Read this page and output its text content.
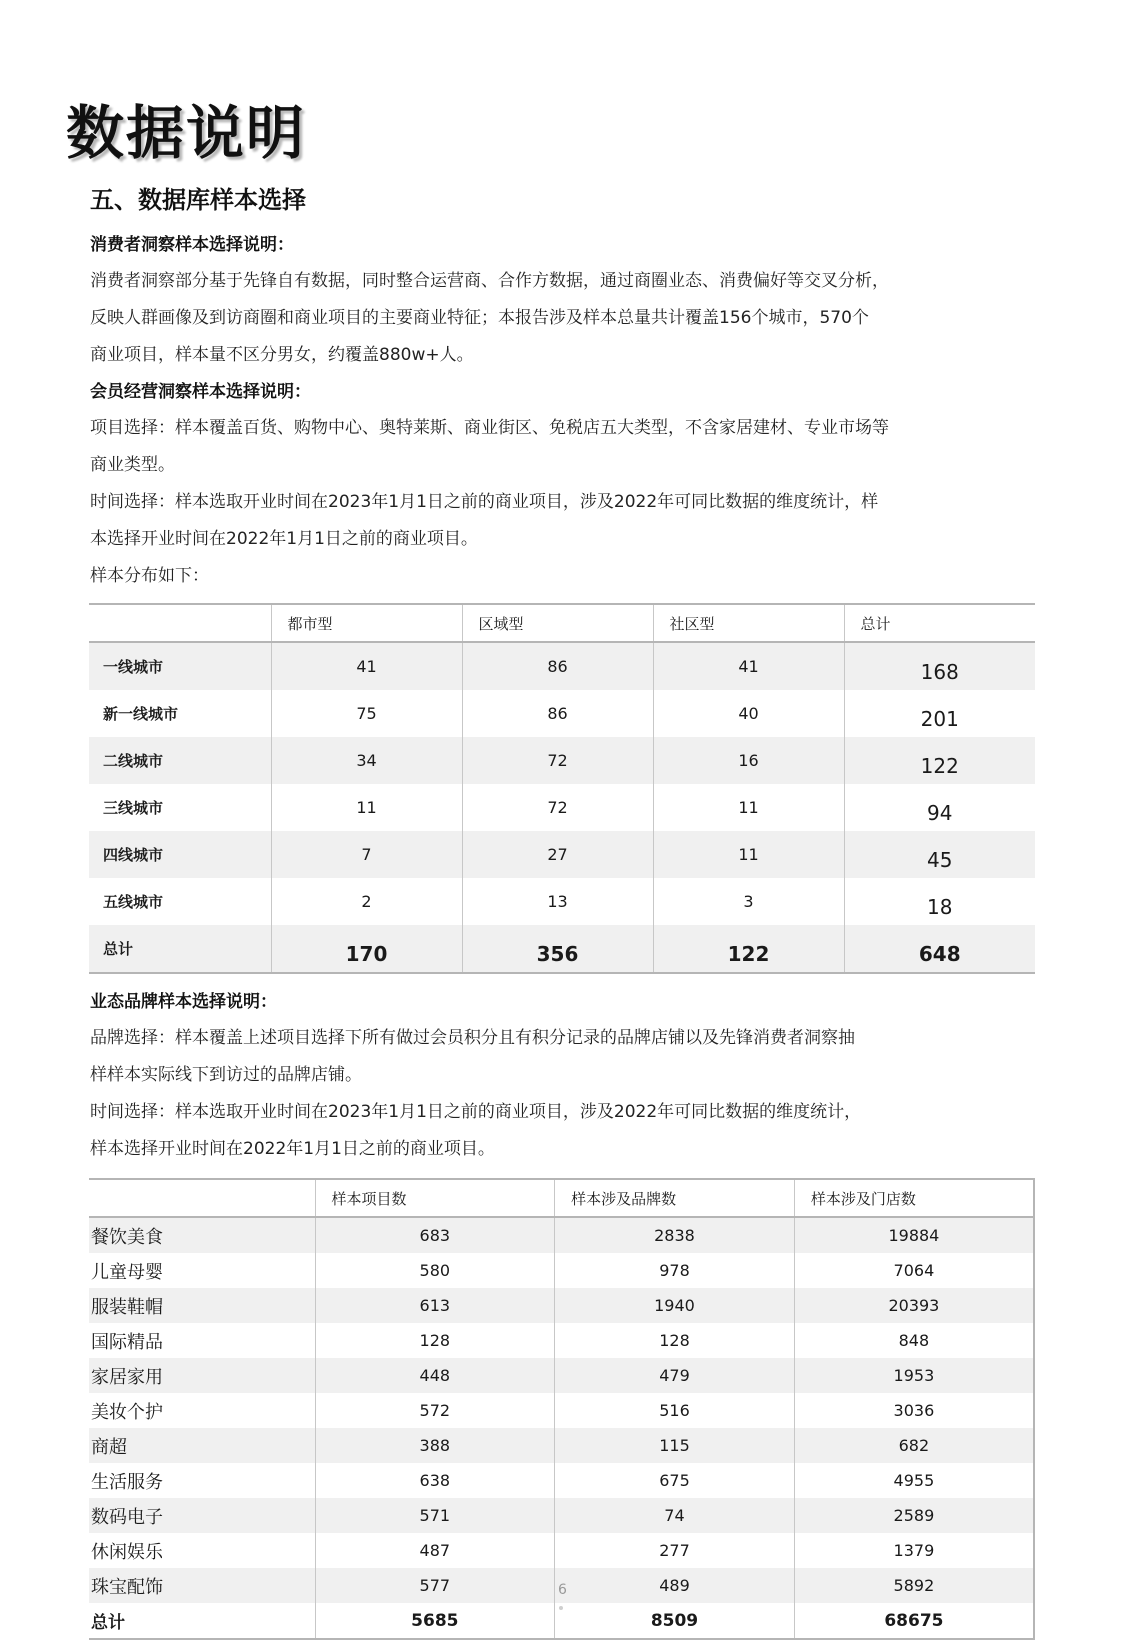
数据说明
五、数据库样本选择
消费者洞察样本选择说明：
消费者洞察部分基于先锋自有数据，同时整合运营商、合作方数据，通过商圈业态、消费偏好等交叉分析，
反映人群画像及到访商圈和商业项目的主要商业特征；本报告涉及样本总量共计覆盖156个城市，570个
商业项目，样本量不区分男女，约覆盖880w+人。
会员经营洞察样本选择说明：
项目选择：样本覆盖百货、购物中心、奥特莱斯、商业街区、免税店五大类型，不含家居建材、专业市场等
商业类型。
时间选择：样本选取开业时间在2023年1月1日之前的商业项目，涉及2022年可同比数据的维度统计，样
本选择开业时间在2022年1月1日之前的商业项目。
样本分布如下：
	都市型	区域型	社区型	总计
一线城市	41	86	41	168
新一线城市	75	86	40	201
二线城市	34	72	16	122
三线城市	11	72	11	94
四线城市	7	27	11	45
五线城市	2	13	3	18
总计	170	356	122	648
业态品牌样本选择说明：
品牌选择：样本覆盖上述项目选择下所有做过会员积分且有积分记录的品牌店铺以及先锋消费者洞察抽
样样本实际线下到访过的品牌店铺。
时间选择：样本选取开业时间在2023年1月1日之前的商业项目，涉及2022年可同比数据的维度统计，
样本选择开业时间在2022年1月1日之前的商业项目。
	样本项目数	样本涉及品牌数	样本涉及门店数
餐饮美食	683	2838	19884
儿童母婴	580	978	7064
服装鞋帽	613	1940	20393
国际精品	128	128	848
家居家用	448	479	1953
美妆个护	572	516	3036
商超	388	115	682
生活服务	638	675	4955
数码电子	571	74	2589
休闲娱乐	487	277	1379
珠宝配饰	577	489	5892
总计	5685	8509	68675
6
